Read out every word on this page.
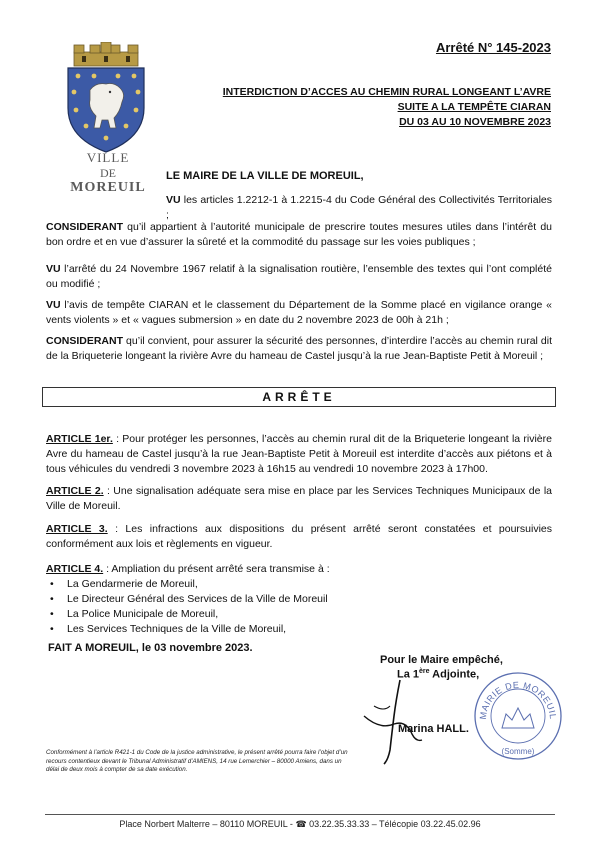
VILLE
DE
MOREUIL
Arrêté N° 145-2023
INTERDICTION D’ACCES AU CHEMIN RURAL LONGEANT L’AVRE
SUITE A LA TEMPÊTE CIARAN
DU 03 AU 10 NOVEMBRE 2023
LE MAIRE DE LA VILLE DE MOREUIL,
VU les articles 1.2212-1 à 1.2215-4 du Code Général des Collectivités Territoriales ;
CONSIDERANT qu’il appartient à l’autorité municipale de prescrire toutes mesures utiles dans l’intérêt du bon ordre et en vue d’assurer la sûreté et la commodité du passage sur les voies publiques ;
VU l’arrêté du 24 Novembre 1967 relatif à la signalisation routière, l’ensemble des textes qui l’ont complété ou modifié ;
VU l’avis de tempête CIARAN et le classement du Département de la Somme placé en vigilance orange « vents violents » et « vagues submersion » en date du 2 novembre 2023 de 00h à 21h ;
CONSIDERANT qu’il convient, pour assurer la sécurité des personnes, d’interdire l’accès au chemin rural dit de la Briqueterie longeant la rivière Avre du hameau de Castel jusqu’à la rue Jean-Baptiste Petit à Moreuil ;
ARRÊTE
ARTICLE 1er. : Pour protéger les personnes, l’accès au chemin rural dit de la Briqueterie longeant la rivière Avre du hameau de Castel jusqu’à la rue Jean-Baptiste Petit à Moreuil est interdite d’accès aux piétons et à tous véhicules du vendredi 3 novembre 2023 à 16h15 au vendredi 10 novembre 2023 à 17h00.
ARTICLE 2. : Une signalisation adéquate sera mise en place par les Services Techniques Municipaux de la Ville de Moreuil.
ARTICLE 3. : Les infractions aux dispositions du présent arrêté seront constatées et poursuivies conformément aux lois et règlements en vigueur.
ARTICLE 4. : Ampliation du présent arrêté sera transmise à :
• La Gendarmerie de Moreuil,
• Le Directeur Général des Services de la Ville de Moreuil
• La Police Municipale de Moreuil,
• Les Services Techniques de la Ville de Moreuil,
FAIT A MOREUIL, le 03 novembre 2023.
Pour le Maire empêché,
La 1ère Adjointe,
Marina HALL.
MAIRIE DE MOREUIL
(Somme)
Conformément à l’article R421-1 du Code de la justice administrative, le présent arrêté pourra faire l’objet d’un recours contentieux devant le Tribunal Administratif d’AMIENS, 14 rue Lemerchier – 80000 Amiens, dans un délai de deux mois à compter de sa date exécution.
Place Norbert Malterre – 80110 MOREUIL - ☎ 03.22.35.33.33 – Télécopie 03.22.45.02.96
